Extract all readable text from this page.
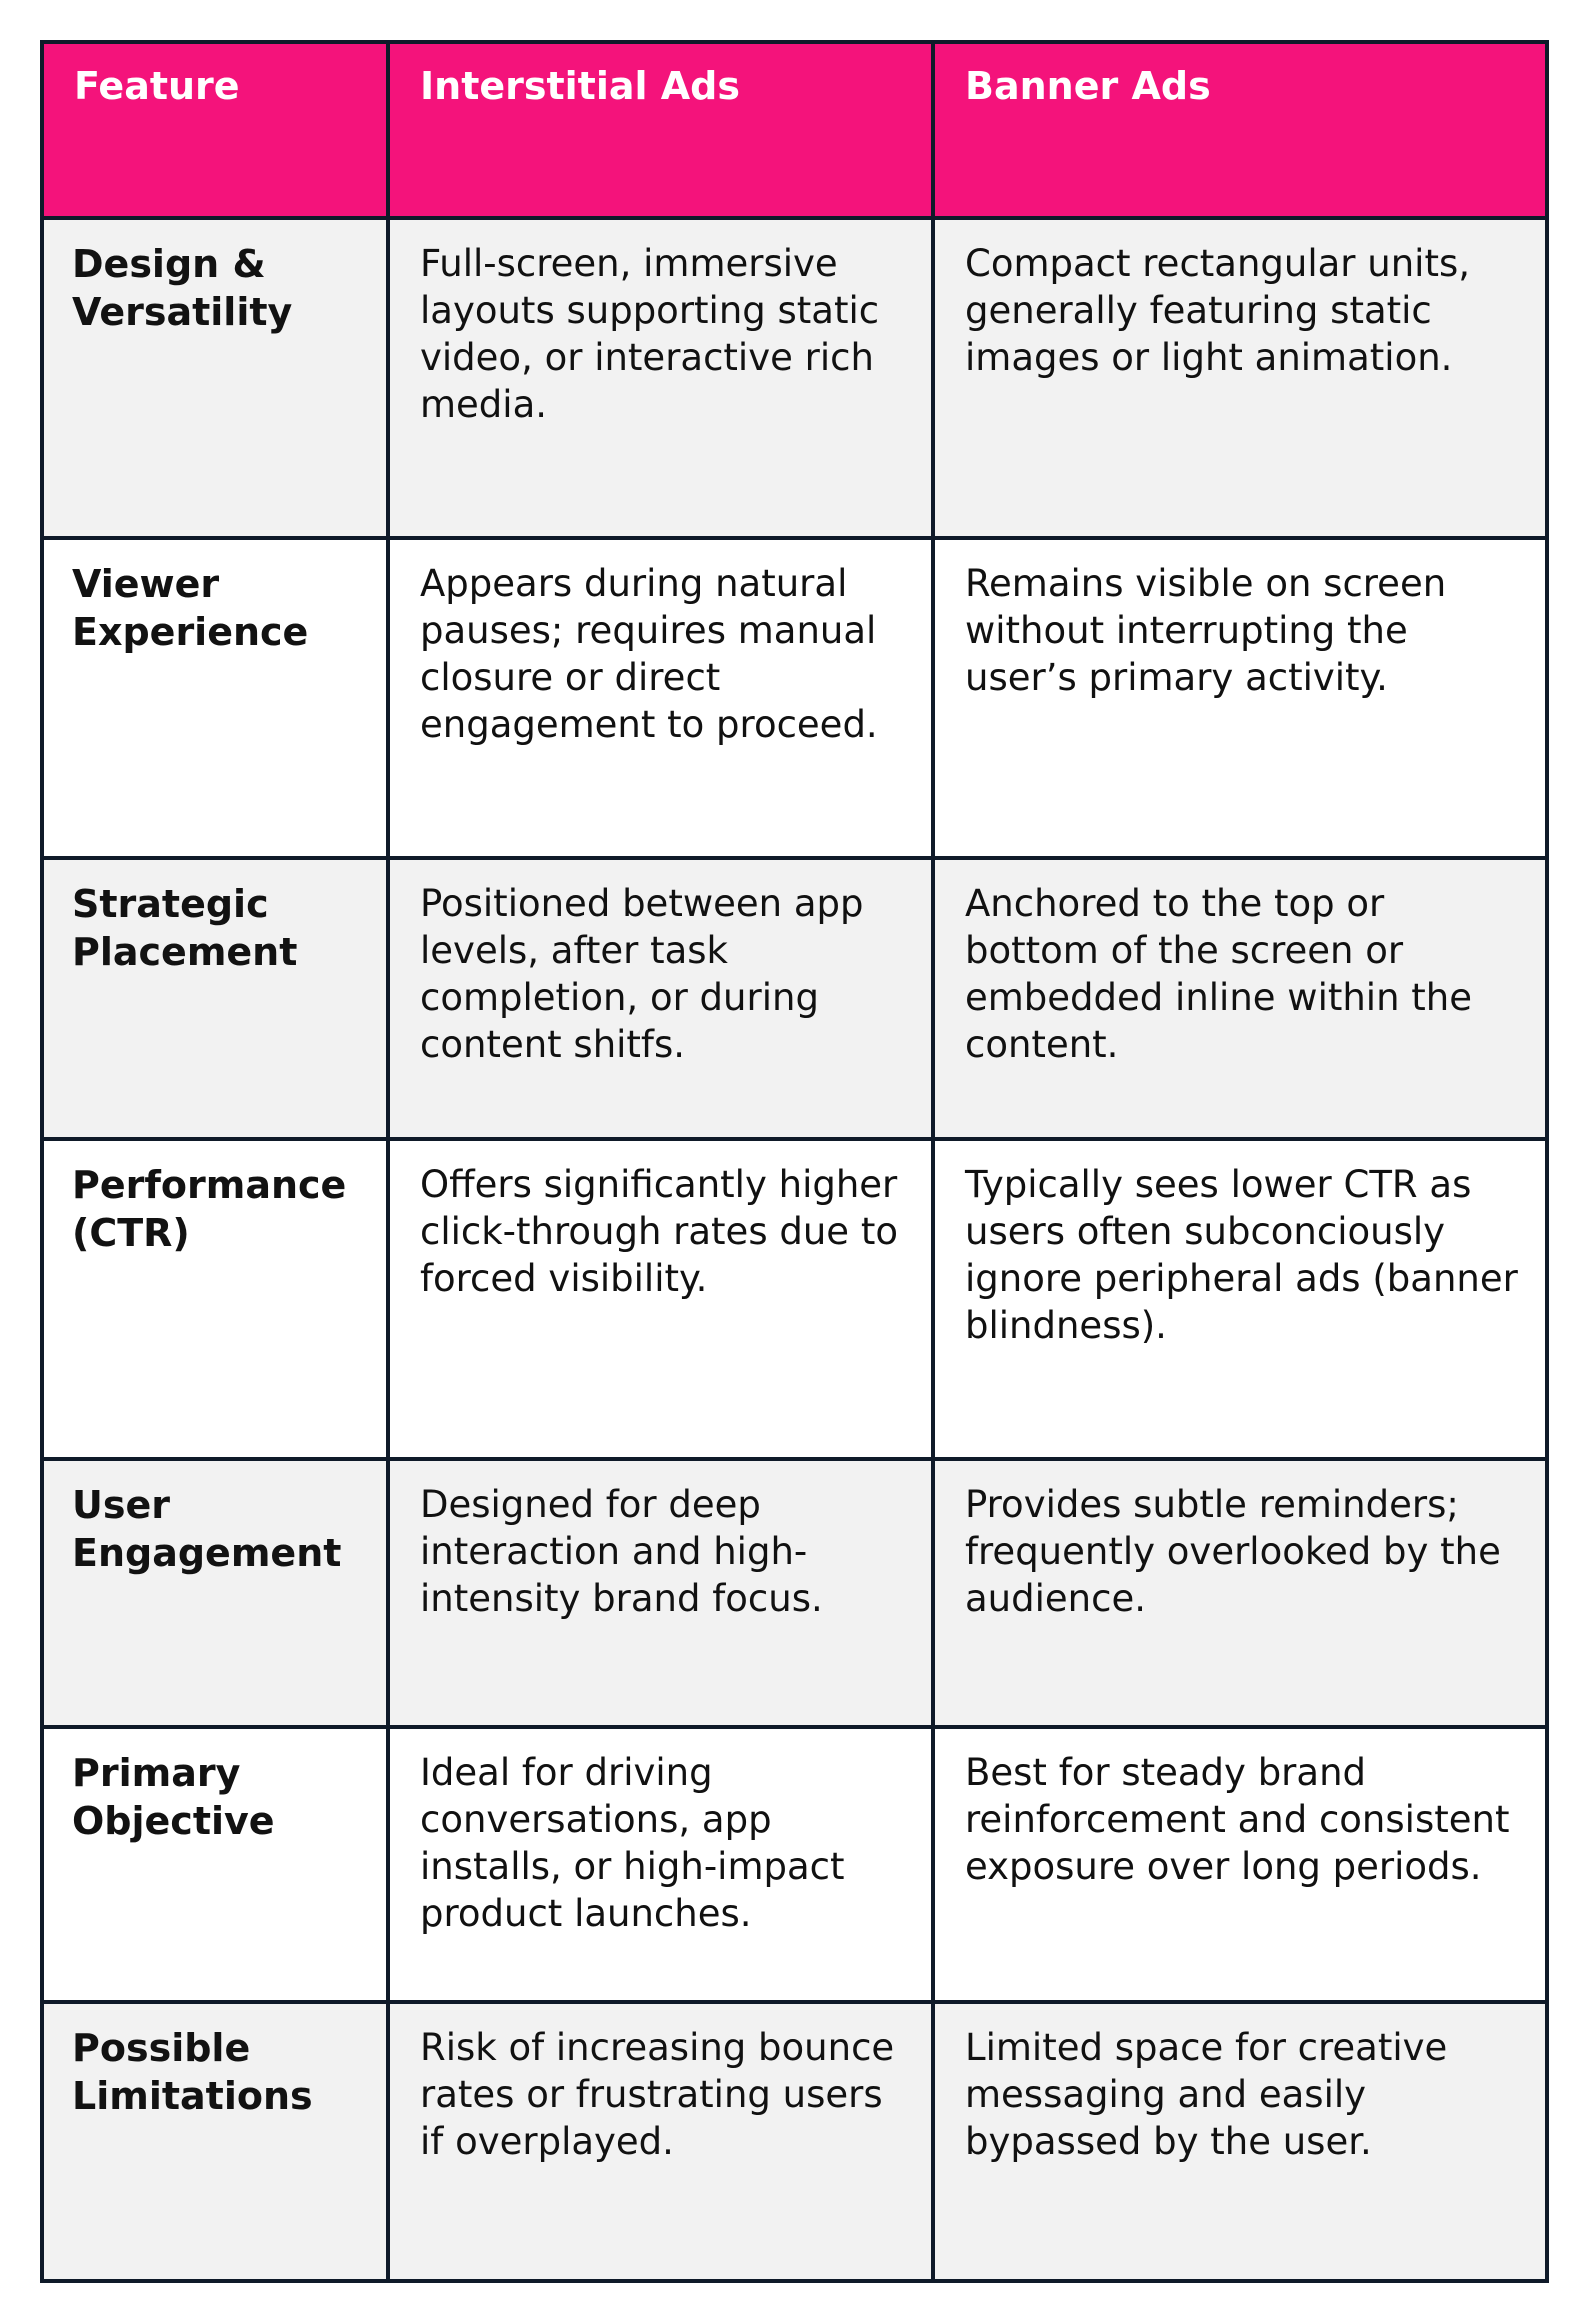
Feature	Interstitial Ads	Banner Ads
Design & Versatility
Full-screen, immersive layouts supporting static video, or interactive rich media.
Compact rectangular units, generally featuring static images or light animation.
Viewer Experience
Appears during natural pauses; requires manual closure or direct engagement to proceed.
Remains visible on screen without interrupting the user’s primary activity.
Strategic Placement
Positioned between app levels, after task completion, or during content shitfs.
Anchored to the top or bottom of the screen or embedded inline within the content.
Performance (CTR)
Offers significantly higher click-through rates due to forced visibility.
Typically sees lower CTR as users often subconciously ignore peripheral ads (banner blindness).
User Engagement
Designed for deep interaction and high-intensity brand focus.
Provides subtle reminders; frequently overlooked by the audience.
Primary Objective
Ideal for driving conversations, app installs, or high-impact product launches.
Best for steady brand reinforcement and consistent exposure over long periods.
Possible Limitations
Risk of increasing bounce rates or frustrating users if overplayed.
Limited space for creative messaging and easily bypassed by the user.
